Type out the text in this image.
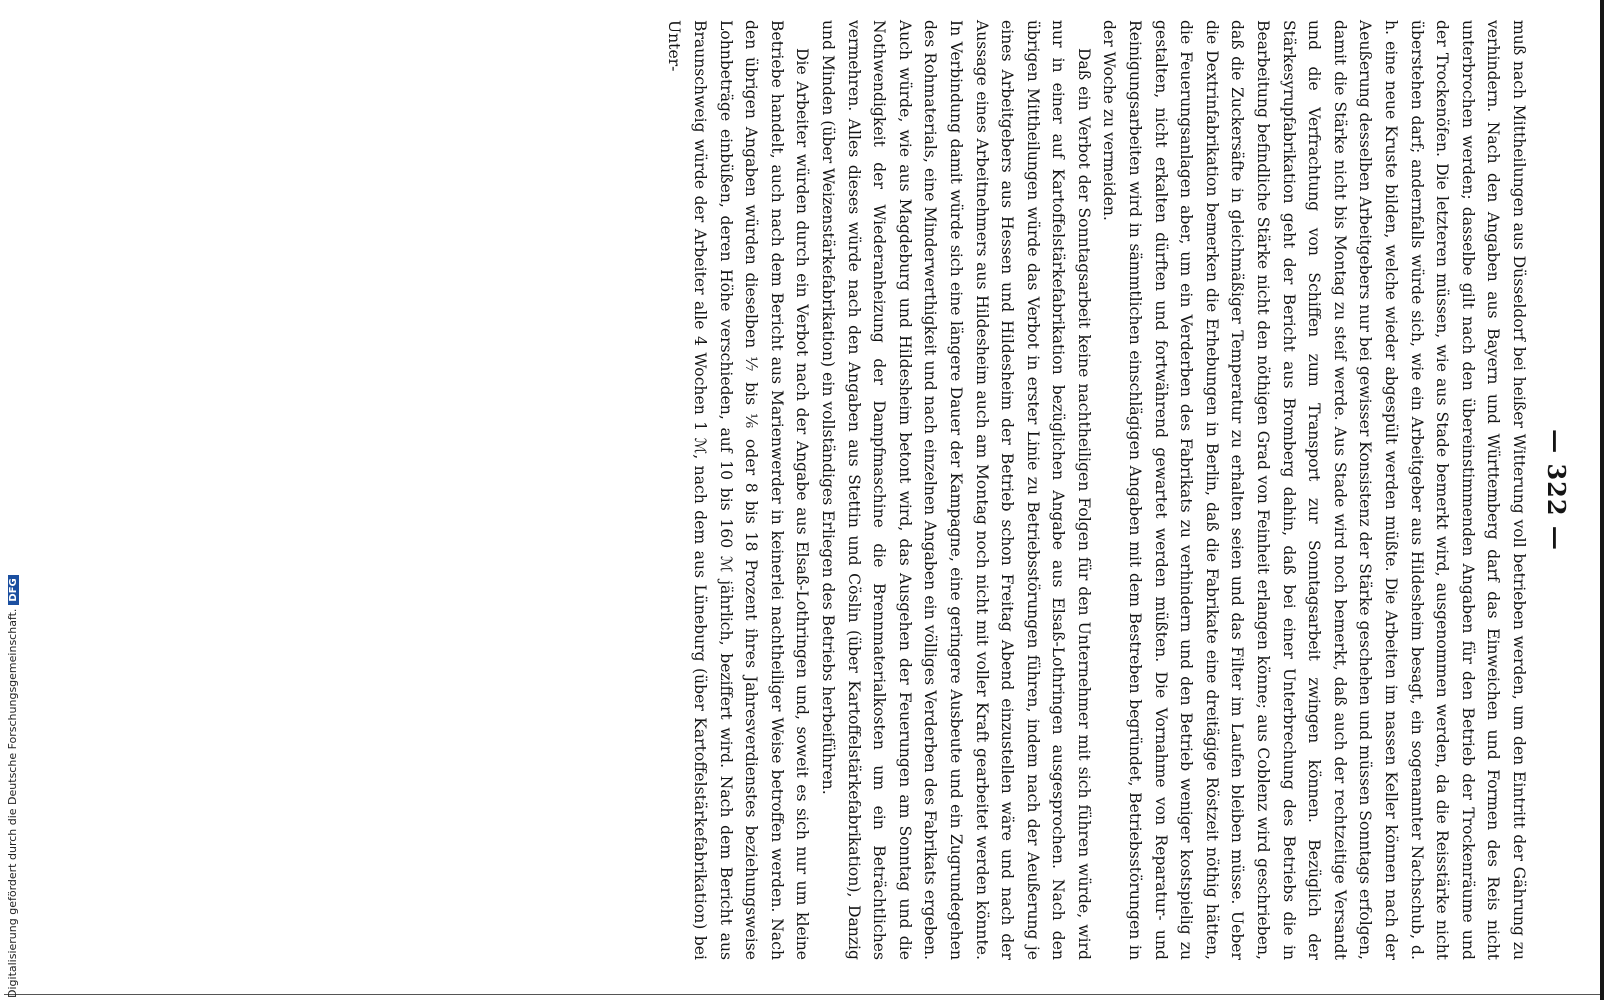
— 322 —

muß nach Mittheilungen aus Düsseldorf bei heißer Witterung voll betrieben werden, um den Eintritt der Gährung zu verhindern. Nach den Angaben aus Bayern und Württemberg darf das Einweichen und Formen des Reis nicht unterbrochen werden; dasselbe gilt nach den übereinstimmenden Angaben für den Betrieb der Trockenräume und der Trockenöfen. Die letzteren müssen, wie aus Stade bemerkt wird, ausgenommen werden, da die Reisstärke nicht überstehen darf; andernfalls würde sich, wie ein Arbeitgeber aus Hildesheim besagt, ein sogenannter Nachschub, d. h. eine neue Kruste bilden, welche wieder abgespült werden müßte. Die Arbeiten im nassen Keller können nach der Aeußerung desselben Arbeitgebers nur bei gewisser Konsistenz der Stärke geschehen und müssen Sonntags erfolgen, damit die Stärke nicht bis Montag zu steif werde. Aus Stade wird noch bemerkt, daß auch der rechtzeitige Versandt und die Verfrachtung von Schiffen zum Transport zur Sonntagsarbeit zwingen können. Bezüglich der Stärkesyrupfabrikation geht der Bericht aus Bromberg dahin, daß bei einer Unterbrechung des Betriebs die in Bearbeitung befindliche Stärke nicht den nöthigen Grad von Feinheit erlangen könne; aus Coblenz wird geschrieben, daß die Zuckersäfte in gleichmäßiger Temperatur zu erhalten seien und das Filter im Laufen bleiben müsse. Ueber die Dextrinfabrikation bemerken die Erhebungen in Berlin, daß die Fabrikate eine dreitägige Röstzeit nöthig hätten, die Feuerungsanlagen aber, um ein Verderben des Fabrikats zu verhindern und den Betrieb weniger kostspielig zu gestalten, nicht erkalten dürften und fortwährend gewartet werden müßten. Die Vornahme von Reparatur- und Reinigungsarbeiten wird in sämmtlichen einschlägigen Angaben mit dem Bestreben begründet, Betriebsstörungen in der Woche zu vermeiden.

Daß ein Verbot der Sonntagsarbeit keine nachtheiligen Folgen für den Unternehmer mit sich führen würde, wird nur in einer auf Kartoffelstärkefabrikation bezüglichen Angabe aus Elsaß-Lothringen ausgesprochen. Nach den übrigen Mittheilungen würde das Verbot in erster Linie zu Betriebsstörungen führen, indem nach der Aeußerung je eines Arbeitgebers aus Hessen und Hildesheim der Betrieb schon Freitag Abend einzustellen wäre und nach der Aussage eines Arbeitnehmers aus Hildesheim auch am Montag noch nicht mit voller Kraft gearbeitet werden könnte. In Verbindung damit würde sich eine längere Dauer der Kampagne, eine geringere Ausbeute und ein Zugrundegehen des Rohmaterials, eine Minderwerthigkeit und nach einzelnen Angaben ein völliges Verderben des Fabrikats ergeben. Auch würde, wie aus Magdeburg und Hildesheim betont wird, das Ausgehen der Feuerungen am Sonntag und die Nothwendigkeit der Wiederanheizung der Dampfmaschine die Brennmaterialkosten um ein Beträchtliches vermehren. Alles dieses würde nach den Angaben aus Stettin und Cöslin (über Kartoffelstärkefabrikation), Danzig und Minden (über Weizenstärkefabrikation) ein vollständiges Erliegen des Betriebs herbeiführen.

Die Arbeiter würden durch ein Verbot nach der Angabe aus Elsaß-Lothringen und, soweit es sich nur um kleine Betriebe handelt, auch nach dem Bericht aus Marienwerder in keinerlei nachtheiliger Weise betroffen werden. Nach den übrigen Angaben würden dieselben ⅐ bis ⅙ oder 8 bis 18 Prozent ihres Jahresverdienstes beziehungsweise Lohnbeträge einbüßen, deren Höhe verschieden, auf 10 bis 160 ℳ jährlich, beziffert wird. Nach dem Bericht aus Braunschweig würde der Arbeiter alle 4 Wochen 1 ℳ, nach dem aus Lüneburg (über Kartoffelstärkefabrikation) bei Unter-

Digitalisierung gefördert durch die Deutsche Forschungsgemeinschaft.DFG
